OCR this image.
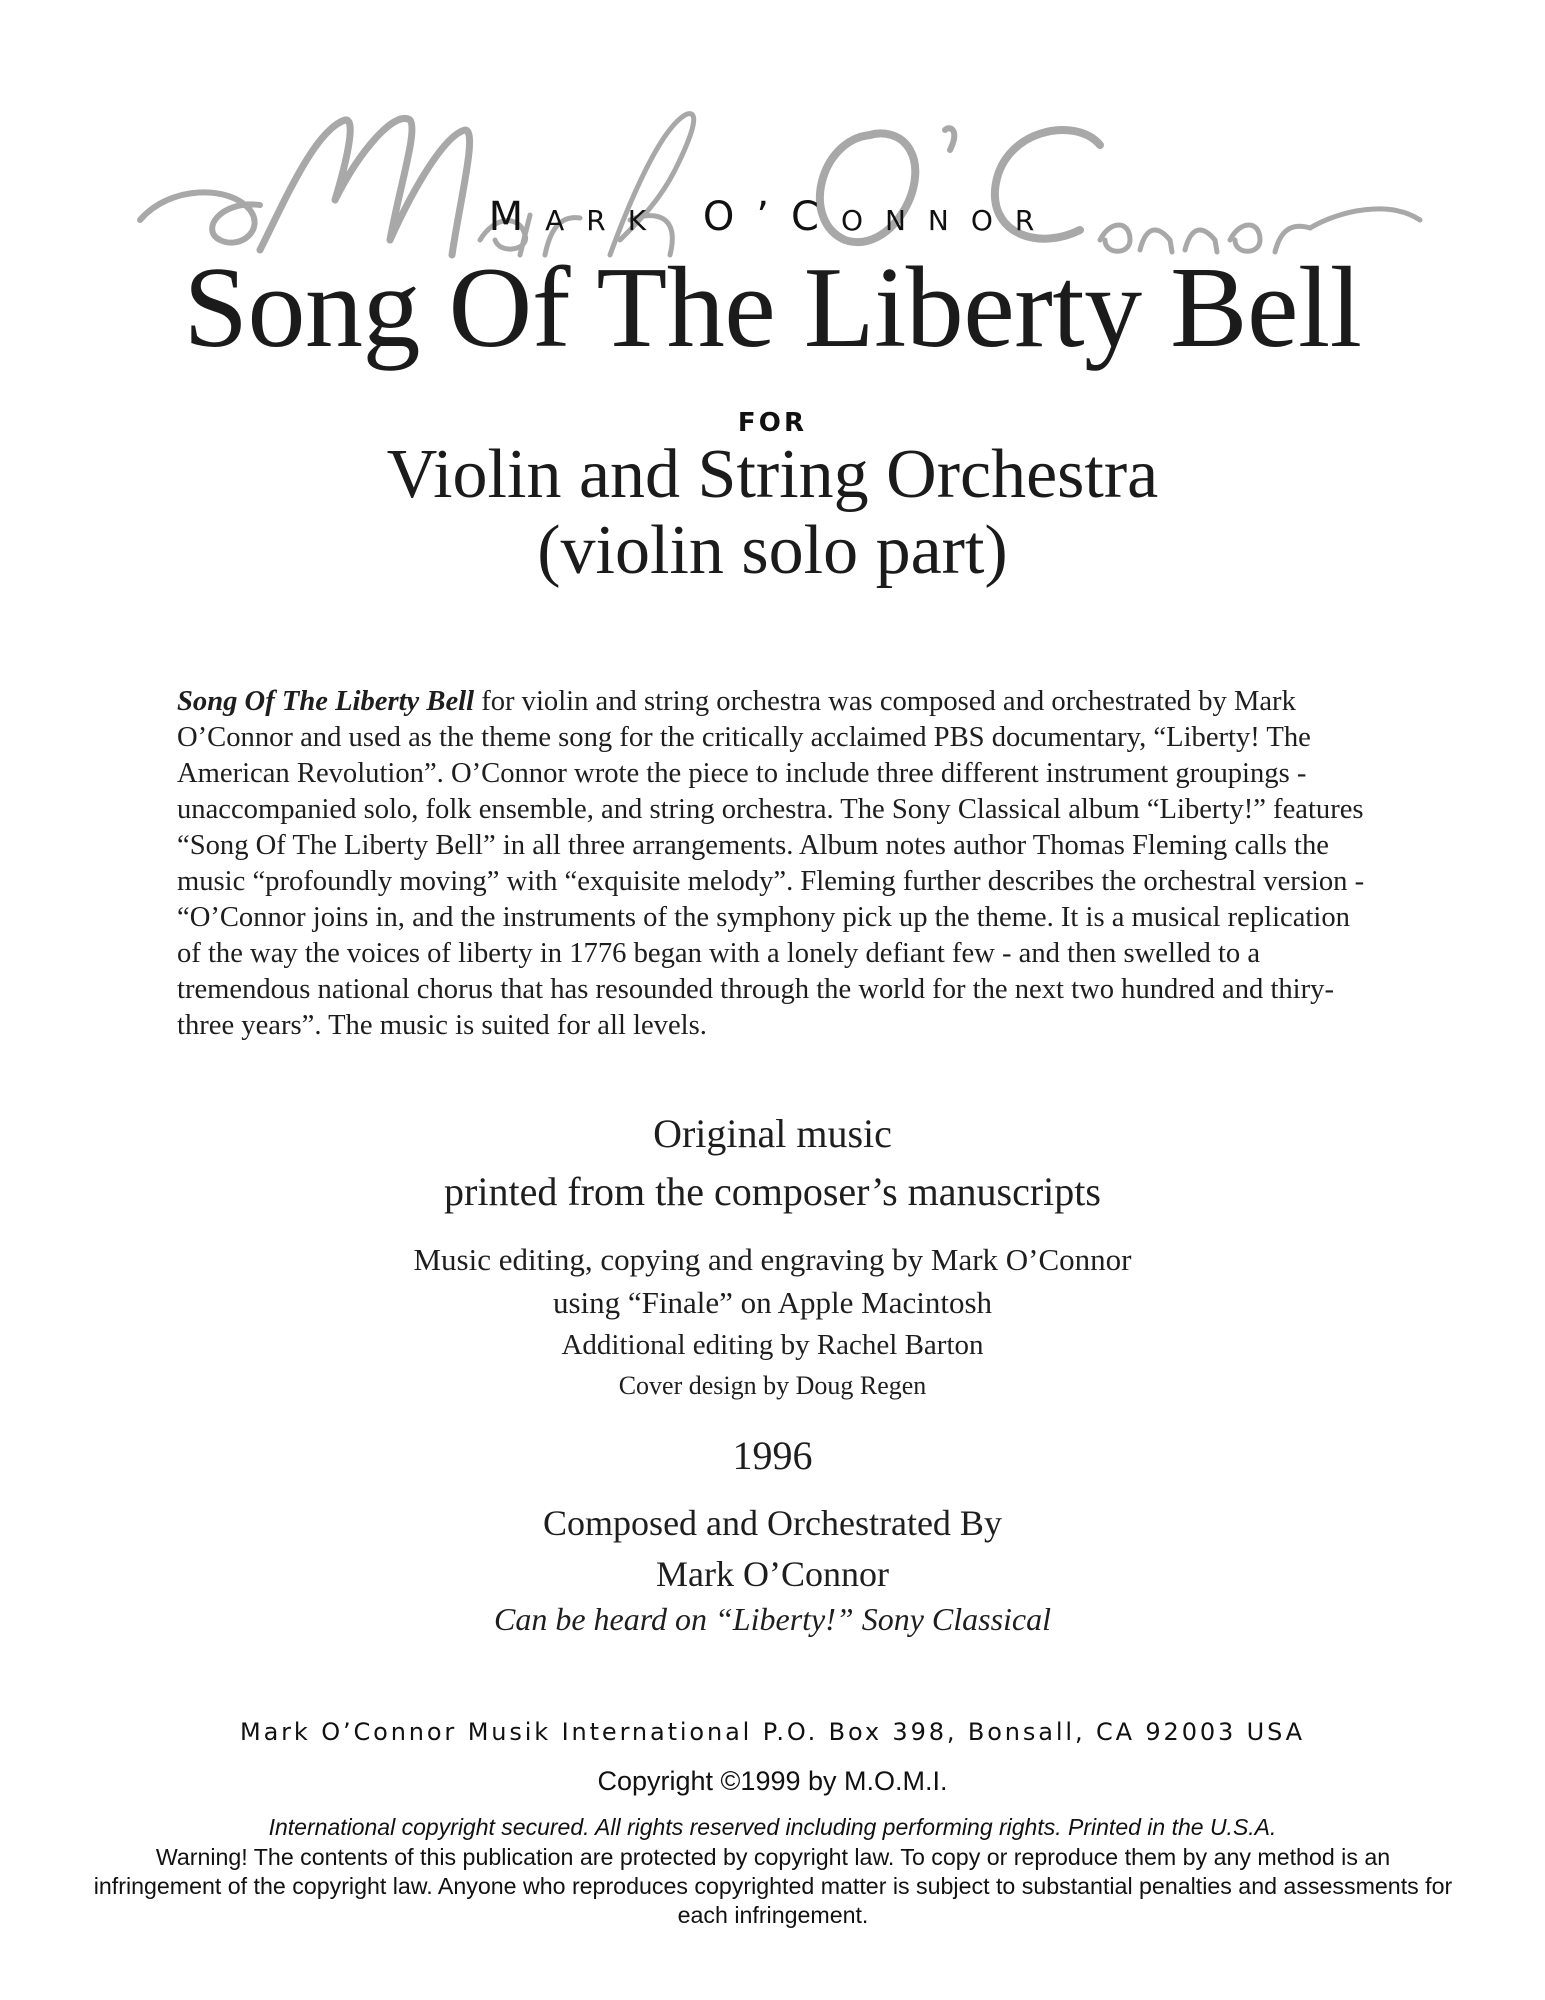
Mark O’Connor
Song Of The Liberty Bell
FOR
Violin and String Orchestra
(violin solo part)
Song Of The Liberty Bell for violin and string orchestra was composed and orchestrated by Mark O’Connor and used as the theme song for the critically acclaimed PBS documentary, “Liberty! The American Revolution”. O’Connor wrote the piece to include three different instrument groupings - unaccompanied solo, folk ensemble, and string orchestra. The Sony Classical album “Liberty!” features “Song Of The Liberty Bell” in all three arrangements. Album notes author Thomas Fleming calls the music “profoundly moving” with “exquisite melody”. Fleming further describes the orchestral version - “O’Connor joins in, and the instruments of the symphony pick up the theme. It is a musical replication of the way the voices of liberty in 1776 began with a lonely defiant few - and then swelled to a tremendous national chorus that has resounded through the world for the next two hundred and thiry-three years”. The music is suited for all levels.
Original music
printed from the composer’s manuscripts
Music editing, copying and engraving by Mark O’Connor
using “Finale” on Apple Macintosh
Additional editing by Rachel Barton
Cover design by Doug Regen
1996
Composed and Orchestrated By
Mark O’Connor
Can be heard on “Liberty!” Sony Classical
Mark O’Connor Musik International P.O. Box 398, Bonsall, CA 92003 USA
Copyright ©1999 by M.O.M.I.
International copyright secured. All rights reserved including performing rights. Printed in the U.S.A.
Warning! The contents of this publication are protected by copyright law. To copy or reproduce them by any method is an infringement of the copyright law. Anyone who reproduces copyrighted matter is subject to substantial penalties and assessments for each infringement.
